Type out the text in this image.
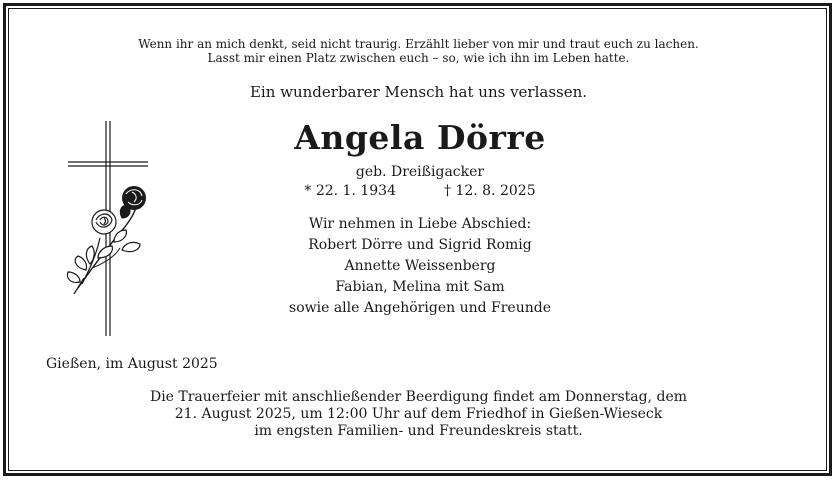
Wenn ihr an mich denkt, seid nicht traurig. Erzählt lieber von mir und traut euch zu lachen.
Lasst mir einen Platz zwischen euch – so, wie ich ihn im Leben hatte.
Ein wunderbarer Mensch hat uns verlassen.
Angela Dörre
geb. Dreißigacker
* 22. 1. 1934	† 12. 8. 2025
Wir nehmen in Liebe Abschied:
Robert Dörre und Sigrid Romig
Annette Weissenberg
Fabian, Melina mit Sam
sowie alle Angehörigen und Freunde
Gießen, im August 2025
Die Trauerfeier mit anschließender Beerdigung findet am Donnerstag, dem
21. August 2025, um 12:00 Uhr auf dem Friedhof in Gießen-Wieseck
im engsten Familien- und Freundeskreis statt.
